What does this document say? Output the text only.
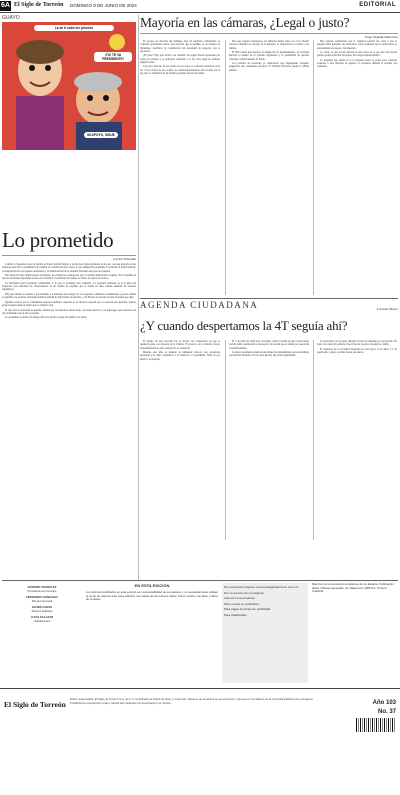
6A El Siglo de Torreón DOMINGO 9 DE JUNIO DE 2024	EDITORIAL
GUAYO
La de ti nube ser pinches
¡TÚ! TE VA PRESIDENTE!
MI APOYO, SIGUE
Lo prometido
Carlos Elizondo

Cambió la Suprema Corte de Justicia el Poder Judicial llegará a la elección. Quien gobierna en el país, con una mayoría en las cámaras, tiene hoy la posibilidad de cambiar la Constitución para lograr lo que siempre ha prometido. La reforma al Poder Judicial, la desaparición de los órganos autónomos y la militarización de la Guardia Nacional son parte del paquete.

Esta mayoría tiene implicaciones profundas: no existen los contrapesos que el sistema democrático requiere. En la medida en que las decisiones dependan de una sola voluntad, la rendición de cuentas se vuelve un ejercicio retórico.

La Presidenta electa prometió continuidad. Y lo que se prometió será cumplido. La pregunta relevante es si el país está preparado para enfrentar las consecuencias de un cambio de régimen que se decide en unas cuantas semanas de sesiones legislativas.

Hay que tomarle la palabra a lo prometido. La iniciativa para elegir por voto popular a ministros, magistrados y jueces cambia el equilibrio de poderes. Sin independencia judicial no hay Estado de derecho, y sin Estado de derecho no hay inversión que dure.

Quienes votaron por la continuidad esperan resultados. Quienes no lo hicieron esperan que se respeten sus derechos. Ambos grupos tienen razón en exigir que se cumpla la ley.

El reto para la oposición es enorme. Tendrá que reconstruirse desde abajo, con ideas nuevas y con liderazgos que conecten con una ciudadanía que le dio la espalda.

Lo prometido es deuda. El tiempo dirá si la deuda se paga en beneficio de todos.

Mayoría en las cámaras, ¿Legal o justo?
Jorge Zepeda Patterson

El proceso de elección del domingo dejó un resultado contundente: la coalición gobernante obtuvo una mayoría que le permite, en la Cámara de Diputados, modificar la Constitución sin necesidad de negociar con la oposición.

¿Es justo? Hay que decirlo con claridad: las reglas fueron aprobadas por todos los partidos y se aplicaron conforme a la ley. Pero legal no siempre significa justo.

Con poco más del 54 por ciento de los votos, la coalición obtendría cerca del 73 por ciento de los escaños. La sobrerrepresentación está acotada por la ley, pero la aritmética de las alianzas permite rebasar ese límite.

Para que existan contrapesos, las minorías deben tener voz. Si el diseño electoral amplifica la ventaja de la mayoría, la deliberación se reduce a un trámite.

El INE tendrá que resolver la asignación de plurinominales. Su decisión marcará el rumbo de la próxima legislatura y la posibilidad de aprobar reformas constitucionales de fondo.

Los partidos de oposición ya anunciaron que impugnarán cualquier asignación que consideren excesiva. El Tribunal Electoral tendrá la última palabra.

Hay quienes argumentan que la voluntad popular fue clara y que la mayoría debe gobernar sin obstáculos. Otros sostienen que la democracia es precisamente el respeto a las minorías.

Lo cierto es que el país entrará en una etapa en la que una sola fuerza política podrá reescribir las reglas. Eso exige responsabilidad.

La pregunta que queda es si la mayoría usará su poder para construir acuerdos o para imponer su agenda. La respuesta definirá el sexenio que comienza.

AGENDA CIUDADANA	Lorenzo Meyer
¿Y cuando despertamos la 4T seguía ahí?

El triunfo de esta elección fue la tercera vez consecutiva en que la izquierda gana con mayoría en la Cámara. El proyecto de la llamada Cuarta Transformación no sólo sobrevivió: se consolidó.

Durante seis años se anunció su inminente derrota. Los opositores apostaron a la crisis económica, a la violencia, a la pandemia. Nada de eso movió a la mayoría.

El 2 de junio de 2024 será recordado como la fecha en que el electorado decidió darle continuidad a un proyecto de nación que se define por oposición al neoliberalismo.

La nueva presidenta tendrá en sus manos los instrumentos para profundizar las reformas iniciadas. El reto será hacerlo sin perder legitimidad.

La oposición, por su parte, enfrenta la tarea de entender por qué perdió. No basta con culpar al gobierno: hace falta un proyecto alternativo creíble.

El despertar de la sociedad mexicana no será igual al de antes. La 4T seguía ahí, y ahora con más fuerza que nunca.

ANTONIO GONZÁLEZ
Presidente del Consejo
FERNANDO GONZÁLEZ
Director General
JAVIER GARZA
Director Editorial
LUCÍA SALAZAR
Subdirectora
EN ESTA EDICIÓN
Los artículos publicados en esta sección son responsabilidad de sus autores y no necesariamente reflejan el punto de vista de esta casa editorial. Las cartas de los lectores deben incluir nombre completo y datos de contacto.
Por suscripción ingrese a www.elsiglodetorreon.com.mx
Por su servicio de mensajería
Atención a suscriptores
Para ventas en publicidad
Para pagar anuncios de publicidad
Para clasificados
Miembro de la Asociación de Editores de los Estados. Publicación diaria. Oficinas generales: Av. Matamoros 1056 Pte. Torreón, Coahuila.
El Siglo de Torreón
Editor responsable: El Siglo de Torreón S.A. de C.V. Certificado de licitud de título y contenido. Reserva de derechos al uso exclusivo. Impreso en los talleres de la Compañía Editora de La Laguna. Prohibida la reproducción total o parcial del contenido sin autorización por escrito.	Año 103
No. 37
